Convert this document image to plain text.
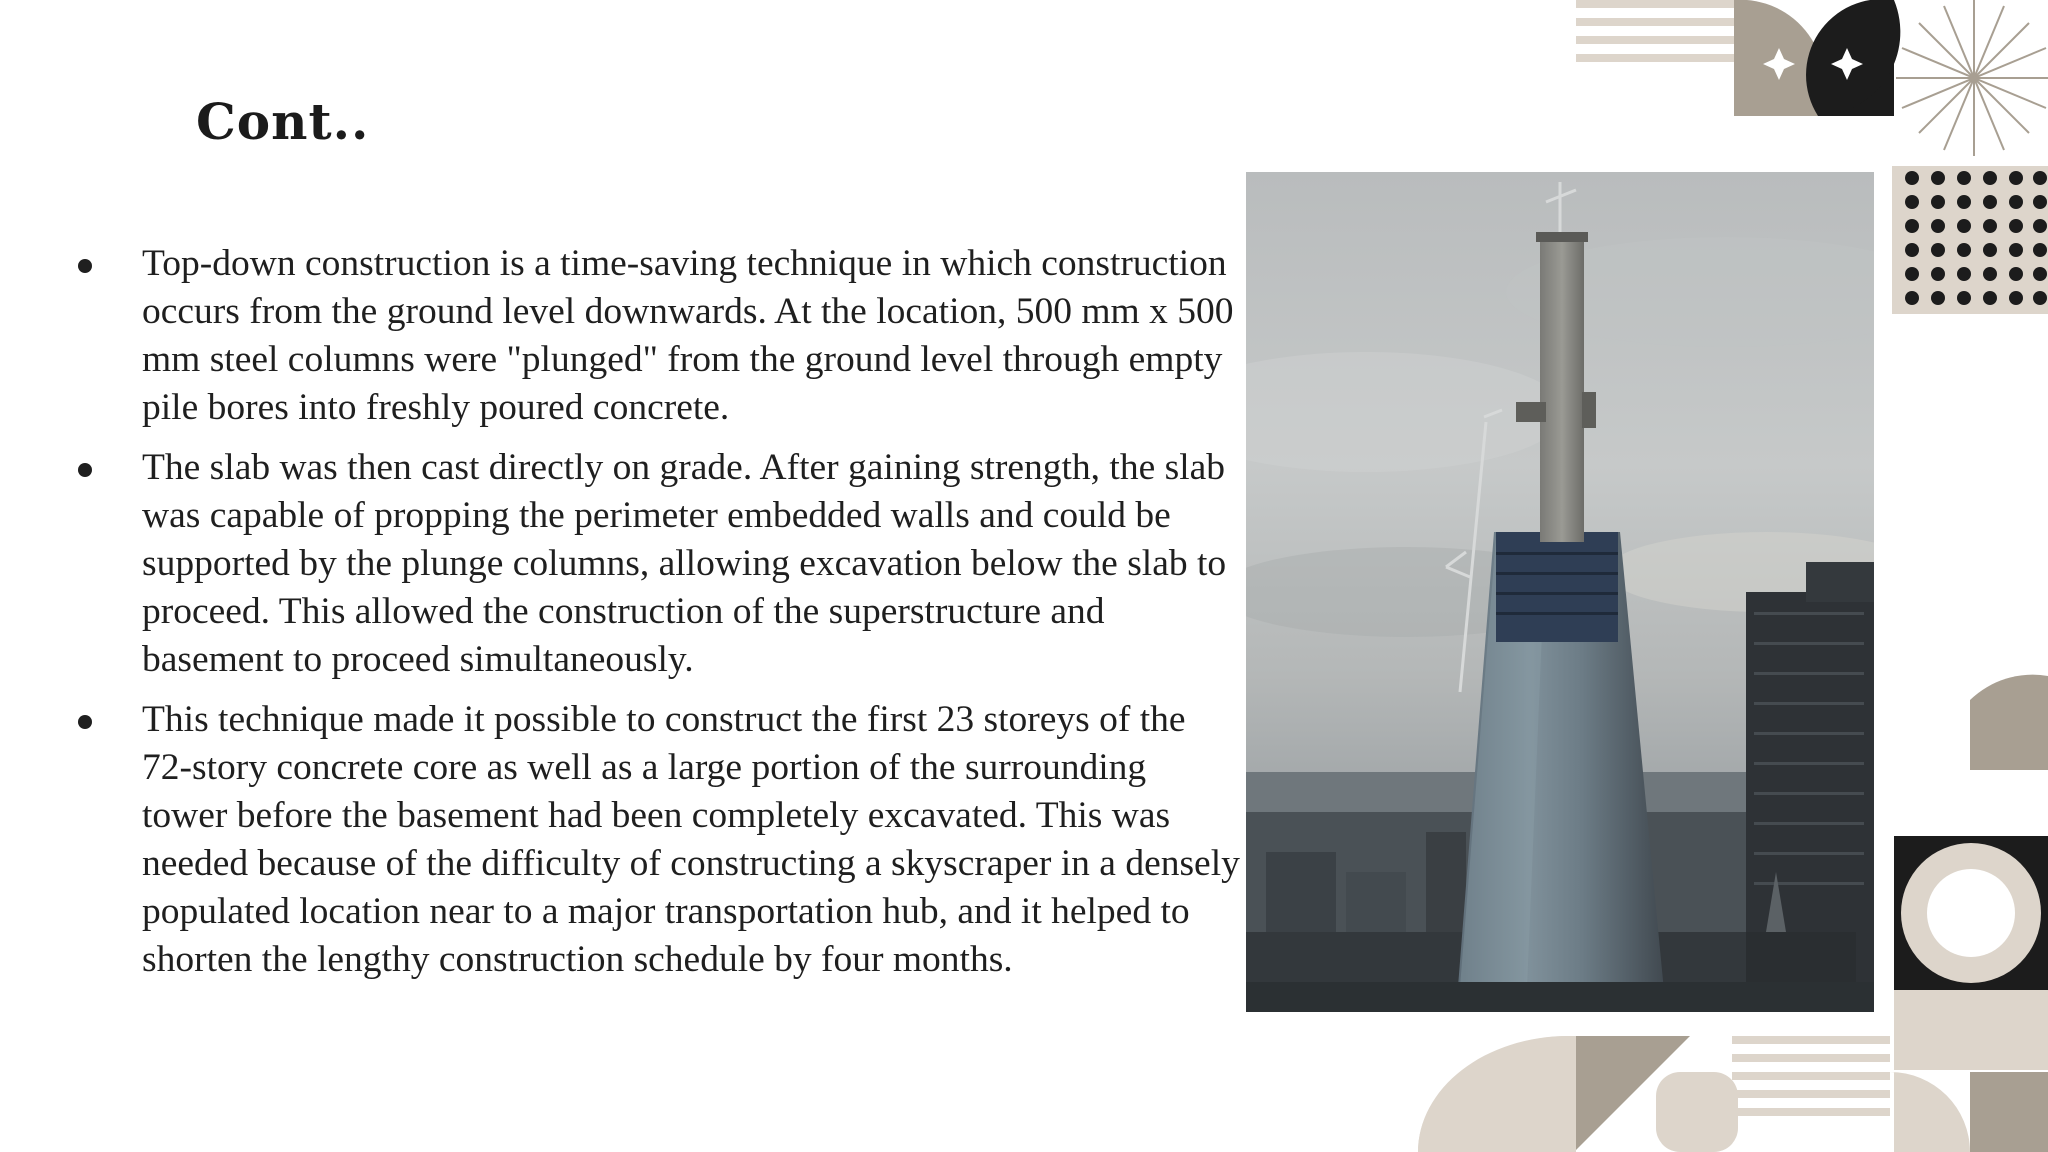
Cont..
Top-down construction is a time-saving technique in which construction occurs from the ground level downwards. At the location, 500 mm x 500 mm steel columns were "plunged" from the ground level through empty pile bores into freshly poured concrete.
The slab was then cast directly on grade. After gaining strength, the slab was capable of propping the perimeter embedded walls and could be supported by the plunge columns, allowing excavation below the slab to proceed. This allowed the construction of the superstructure and basement to proceed simultaneously.
This technique made it possible to construct the first 23 storeys of the 72-story concrete core as well as a large portion of the surrounding tower before the basement had been completely excavated. This was needed because of the difficulty of constructing a skyscraper in a densely populated location near to a major transportation hub, and it helped to shorten the lengthy construction schedule by four months.
